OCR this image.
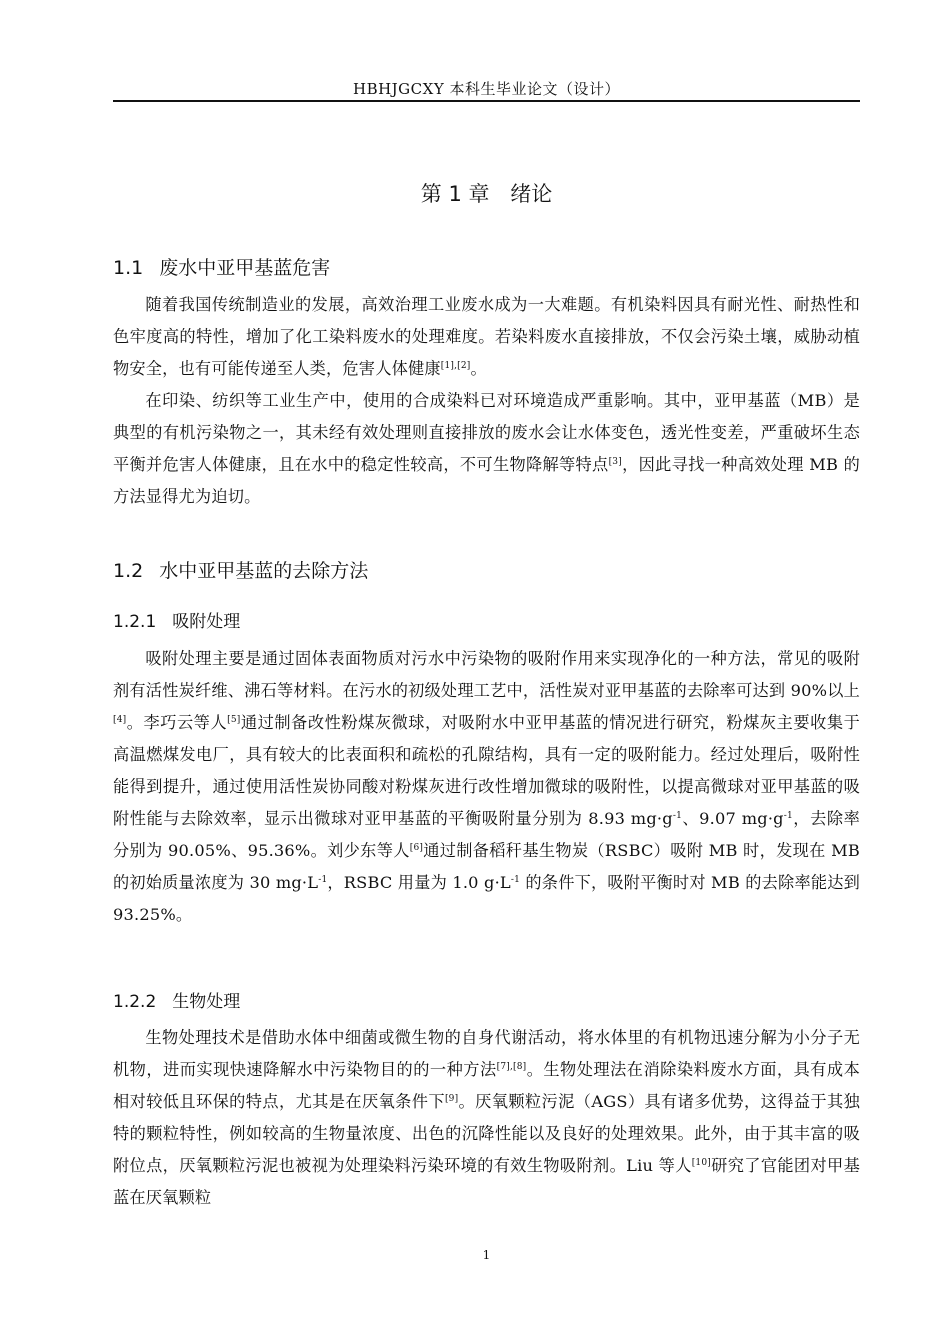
HBHJGCXY 本科生毕业论文（设计）
第 1 章 绪论
1.1 废水中亚甲基蓝危害

随着我国传统制造业的发展，高效治理工业废水成为一大难题。有机染料因具有耐光性、耐热性和色牢度高的特性，增加了化工染料废水的处理难度。若染料废水直接排放，不仅会污染土壤，威胁动植物安全，也有可能传递至人类，危害人体健康[1],[2]。

在印染、纺织等工业生产中，使用的合成染料已对环境造成严重影响。其中，亚甲基蓝（MB）是典型的有机污染物之一，其未经有效处理则直接排放的废水会让水体变色，透光性变差，严重破坏生态平衡并危害人体健康，且在水中的稳定性较高，不可生物降解等特点[3]，因此寻找一种高效处理 MB 的方法显得尤为迫切。

1.2 水中亚甲基蓝的去除方法
1.2.1 吸附处理

吸附处理主要是通过固体表面物质对污水中污染物的吸附作用来实现净化的一种方法，常见的吸附剂有活性炭纤维、沸石等材料。在污水的初级处理工艺中，活性炭对亚甲基蓝的去除率可达到 90%以上[4]。李巧云等人[5]通过制备改性粉煤灰微球，对吸附水中亚甲基蓝的情况进行研究，粉煤灰主要收集于高温燃煤发电厂，具有较大的比表面积和疏松的孔隙结构，具有一定的吸附能力。经过处理后，吸附性能得到提升，通过使用活性炭协同酸对粉煤灰进行改性增加微球的吸附性，以提高微球对亚甲基蓝的吸附性能与去除效率，显示出微球对亚甲基蓝的平衡吸附量分别为 8.93 $mg\cdot g^{-1}$、9.07 $mg\cdot g^{-1}$，去除率分别为 90.05%、95.36%。刘少东等人[6]通过制备稻秆基生物炭（RSBC）吸附 MB 时，发现在 MB 的初始质量浓度为 30 $mg\cdot L^{-1}$，RSBC 用量为 1.0 $g\cdot L^{-1}$ 的条件下，吸附平衡时对 MB 的去除率能达到 93.25%。

1.2.2 生物处理

生物处理技术是借助水体中细菌或微生物的自身代谢活动，将水体里的有机物迅速分解为小分子无机物，进而实现快速降解水中污染物目的的一种方法[7],[8]。生物处理法在消除染料废水方面，具有成本相对较低且环保的特点，尤其是在厌氧条件下[9]。厌氧颗粒污泥（AGS）具有诸多优势，这得益于其独特的颗粒特性，例如较高的生物量浓度、出色的沉降性能以及良好的处理效果。此外，由于其丰富的吸附位点，厌氧颗粒污泥也被视为处理染料污染环境的有效生物吸附剂。Liu 等人[10]研究了官能团对甲基蓝在厌氧颗粒

1
